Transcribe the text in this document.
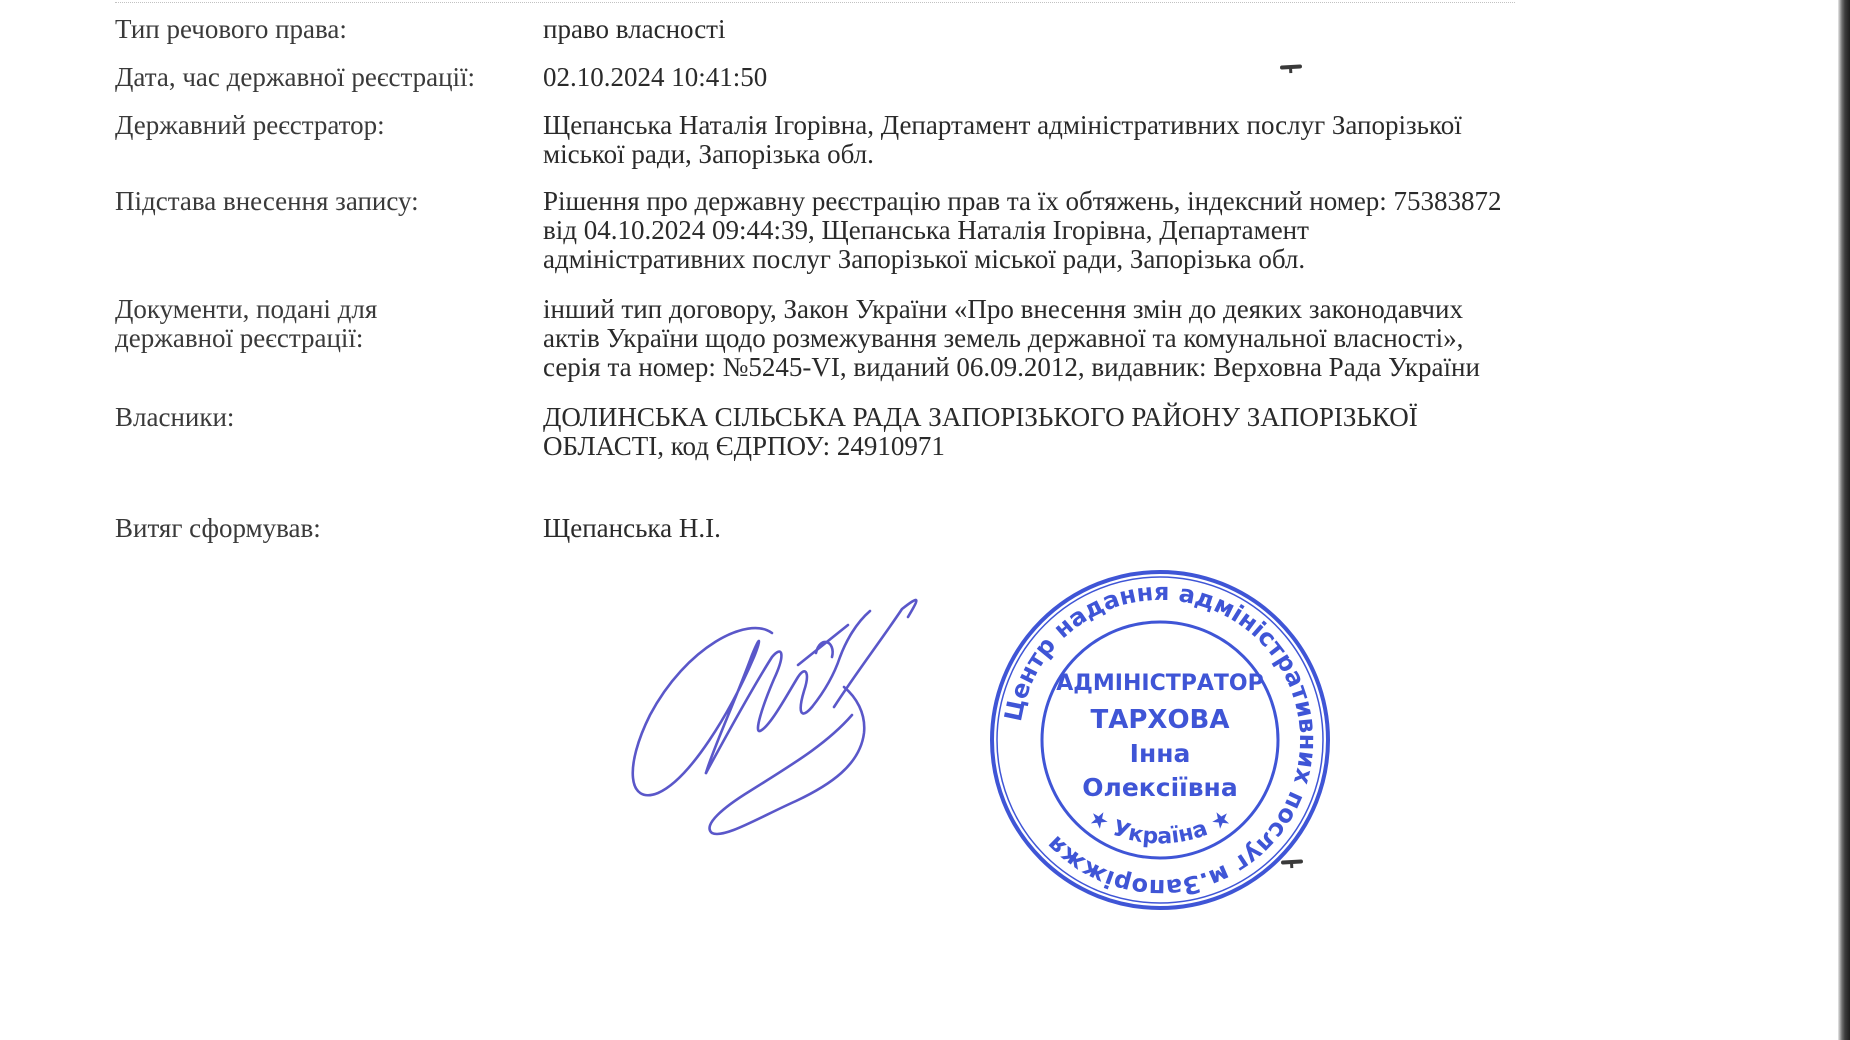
Тип речового права:	право власності
Дата, час державної реєстрації:	02.10.2024 10:41:50
Державний реєстратор:	Щепанська Наталія Ігорівна, Департамент адміністративних послуг Запорізької
міської ради, Запорізька обл.
Підстава внесення запису:	Рішення про державну реєстрацію прав та їх обтяжень, індексний номер: 75383872
від 04.10.2024 09:44:39, Щепанська Наталія Ігорівна, Департамент
адміністративних послуг Запорізької міської ради, Запорізька обл.
Документи, подані для
державної реєстрації:
інший тип договору, Закон України «Про внесення змін до деяких законодавчих
актів України щодо розмежування земель державної та комунальної власності»,
серія та номер: №5245-VI, виданий 06.09.2012, видавник: Верховна Рада України
Власники:	ДОЛИНСЬКА СІЛЬСЬКА РАДА ЗАПОРІЗЬКОГО РАЙОНУ ЗАПОРІЗЬКОЇ
ОБЛАСТІ, код ЄДРПОУ: 24910971
Витяг сформував:	Щепанська Н.І.
Центр надання адміністративних послуг м.Запоріжжя
★ Україна ★
АДМІНІСТРАТОР
ТАРХОВА
Інна
Олексіївна
